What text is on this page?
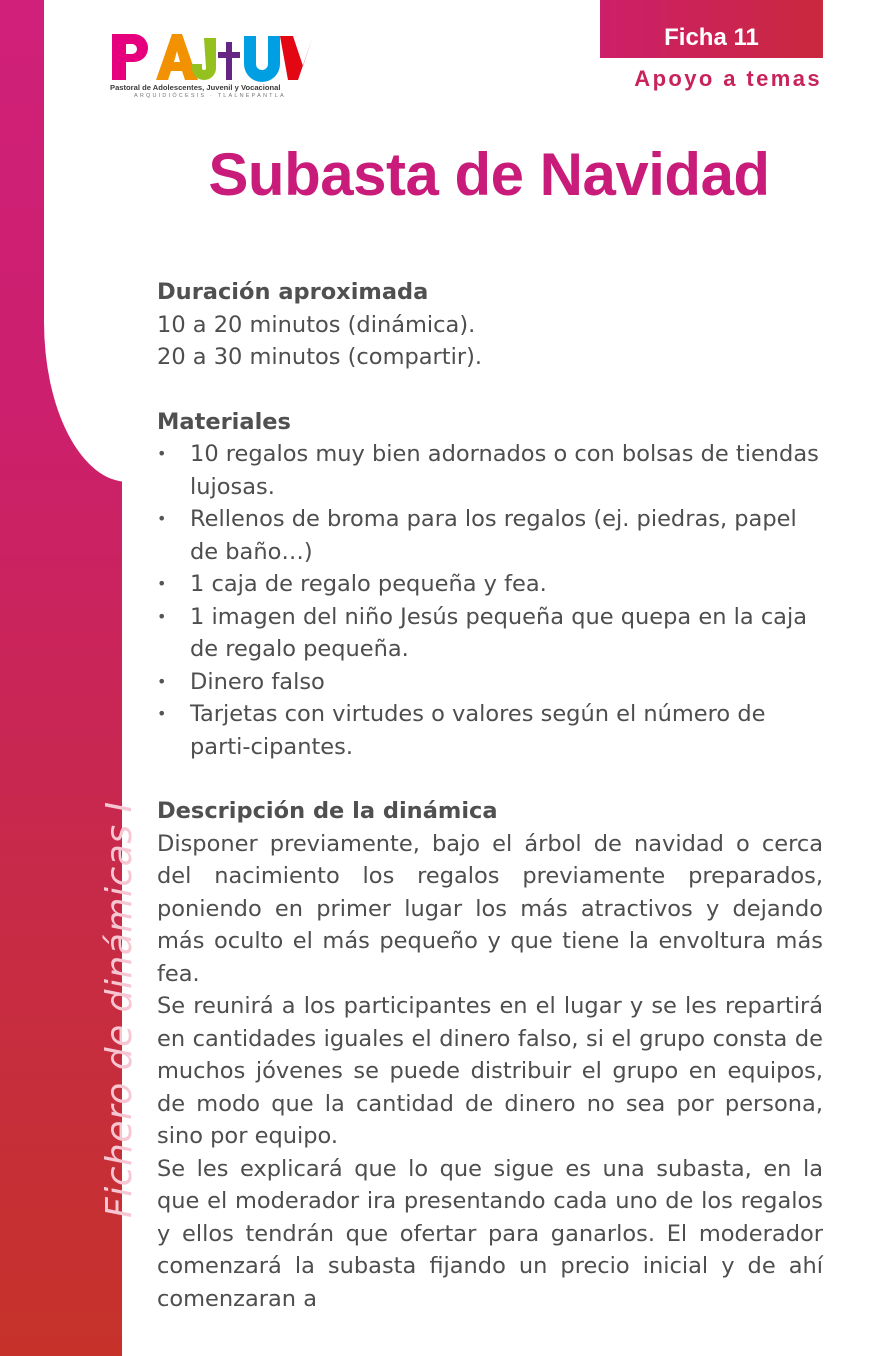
Fichero de dinámicas I
Pastoral de Adolescentes, Juvenil y Vocacional
ARQUIDIÓCESIS · TLALNEPANTLA
Ficha 11
Apoyo a temas
Subasta de Navidad
Duración aproximada

10 a 20 minutos (dinámica).

20 a 30 minutos (compartir).

Materiales
• 10 regalos muy bien adornados o con bolsas de tiendas lujosas.
• Rellenos de broma para los regalos (ej. piedras, papel de baño…)
• 1 caja de regalo pequeña y fea.
• 1 imagen del niño Jesús pequeña que quepa en la caja de regalo pequeña.
• Dinero falso
• Tarjetas con virtudes o valores según el número de parti-cipantes.
Descripción de la dinámica

Disponer previamente, bajo el árbol de navidad o cerca del nacimiento los regalos previamente preparados, poniendo en primer lugar los más atractivos y dejando más oculto el más pequeño y que tiene la envoltura más fea.

Se reunirá a los participantes en el lugar y se les repartirá en cantidades iguales el dinero falso, si el grupo consta de muchos jóvenes se puede distribuir el grupo en equipos, de modo que la cantidad de dinero no sea por persona, sino por equipo.

Se les explicará que lo que sigue es una subasta, en la que el moderador ira presentando cada uno de los regalos y ellos tendrán que ofertar para ganarlos. El moderador comenzará la subasta fijando un precio inicial y de ahí comenzaran a
